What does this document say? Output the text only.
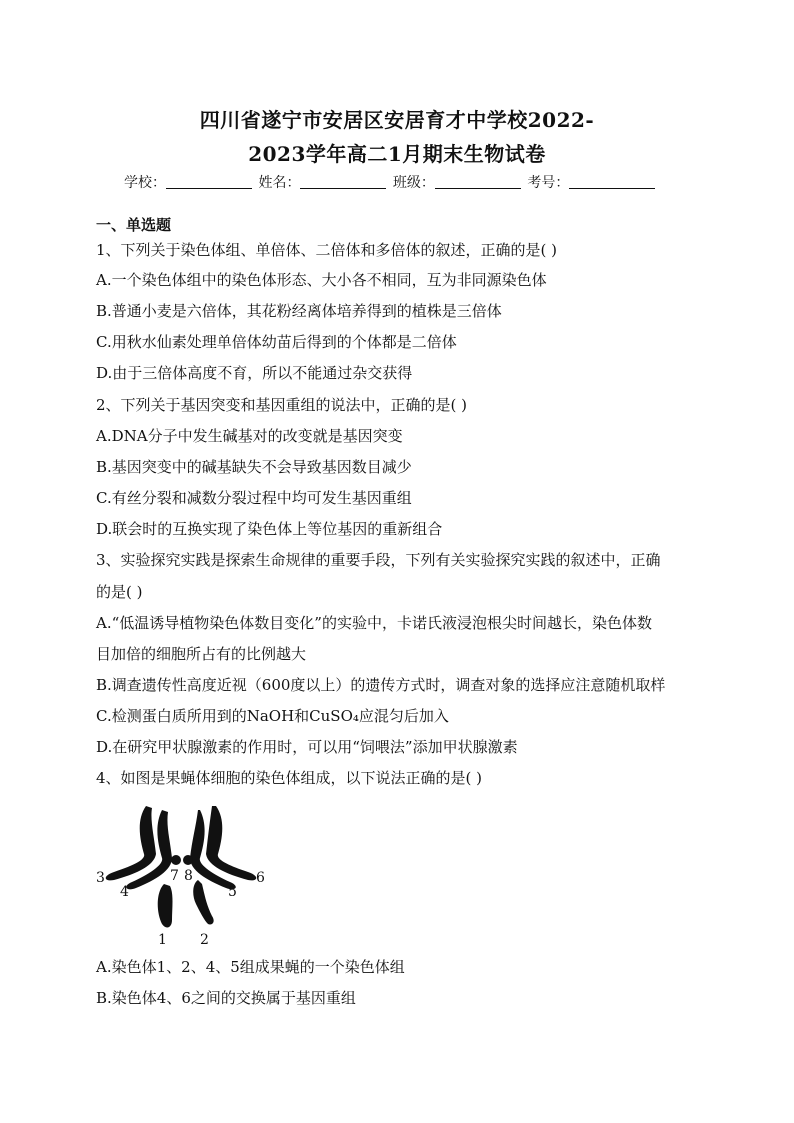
四川省遂宁市安居区安居育才中学校2022-
2023学年高二1月期末生物试卷
学校：	姓名：	班级：	考号：
一、单选题
1、下列关于染色体组、单倍体、二倍体和多倍体的叙述，正确的是( )
A.一个染色体组中的染色体形态、大小各不相同，互为非同源染色体
B.普通小麦是六倍体，其花粉经离体培养得到的植株是三倍体
C.用秋水仙素处理单倍体幼苗后得到的个体都是二倍体
D.由于三倍体高度不育，所以不能通过杂交获得
2、下列关于基因突变和基因重组的说法中，正确的是( )
A.DNA分子中发生碱基对的改变就是基因突变
B.基因突变中的碱基缺失不会导致基因数目减少
C.有丝分裂和减数分裂过程中均可发生基因重组
D.联会时的互换实现了染色体上等位基因的重新组合
3、实验探究实践是探索生命规律的重要手段，下列有关实验探究实践的叙述中，正确
的是( )
A.“低温诱导植物染色体数目变化”的实验中，卡诺氏液浸泡根尖时间越长，染色体数
目加倍的细胞所占有的比例越大
B.调查遗传性高度近视（600度以上）的遗传方式时，调查对象的选择应注意随机取样
C.检测蛋白质所用到的NaOH和CuSO₄应混匀后加入
D.在研究甲状腺激素的作用时，可以用“饲喂法”添加甲状腺激素
4、如图是果蝇体细胞的染色体组成，以下说法正确的是( )
3
4
7 8
5
6
1 2
A.染色体1、2、4、5组成果蝇的一个染色体组
B.染色体4、6之间的交换属于基因重组
